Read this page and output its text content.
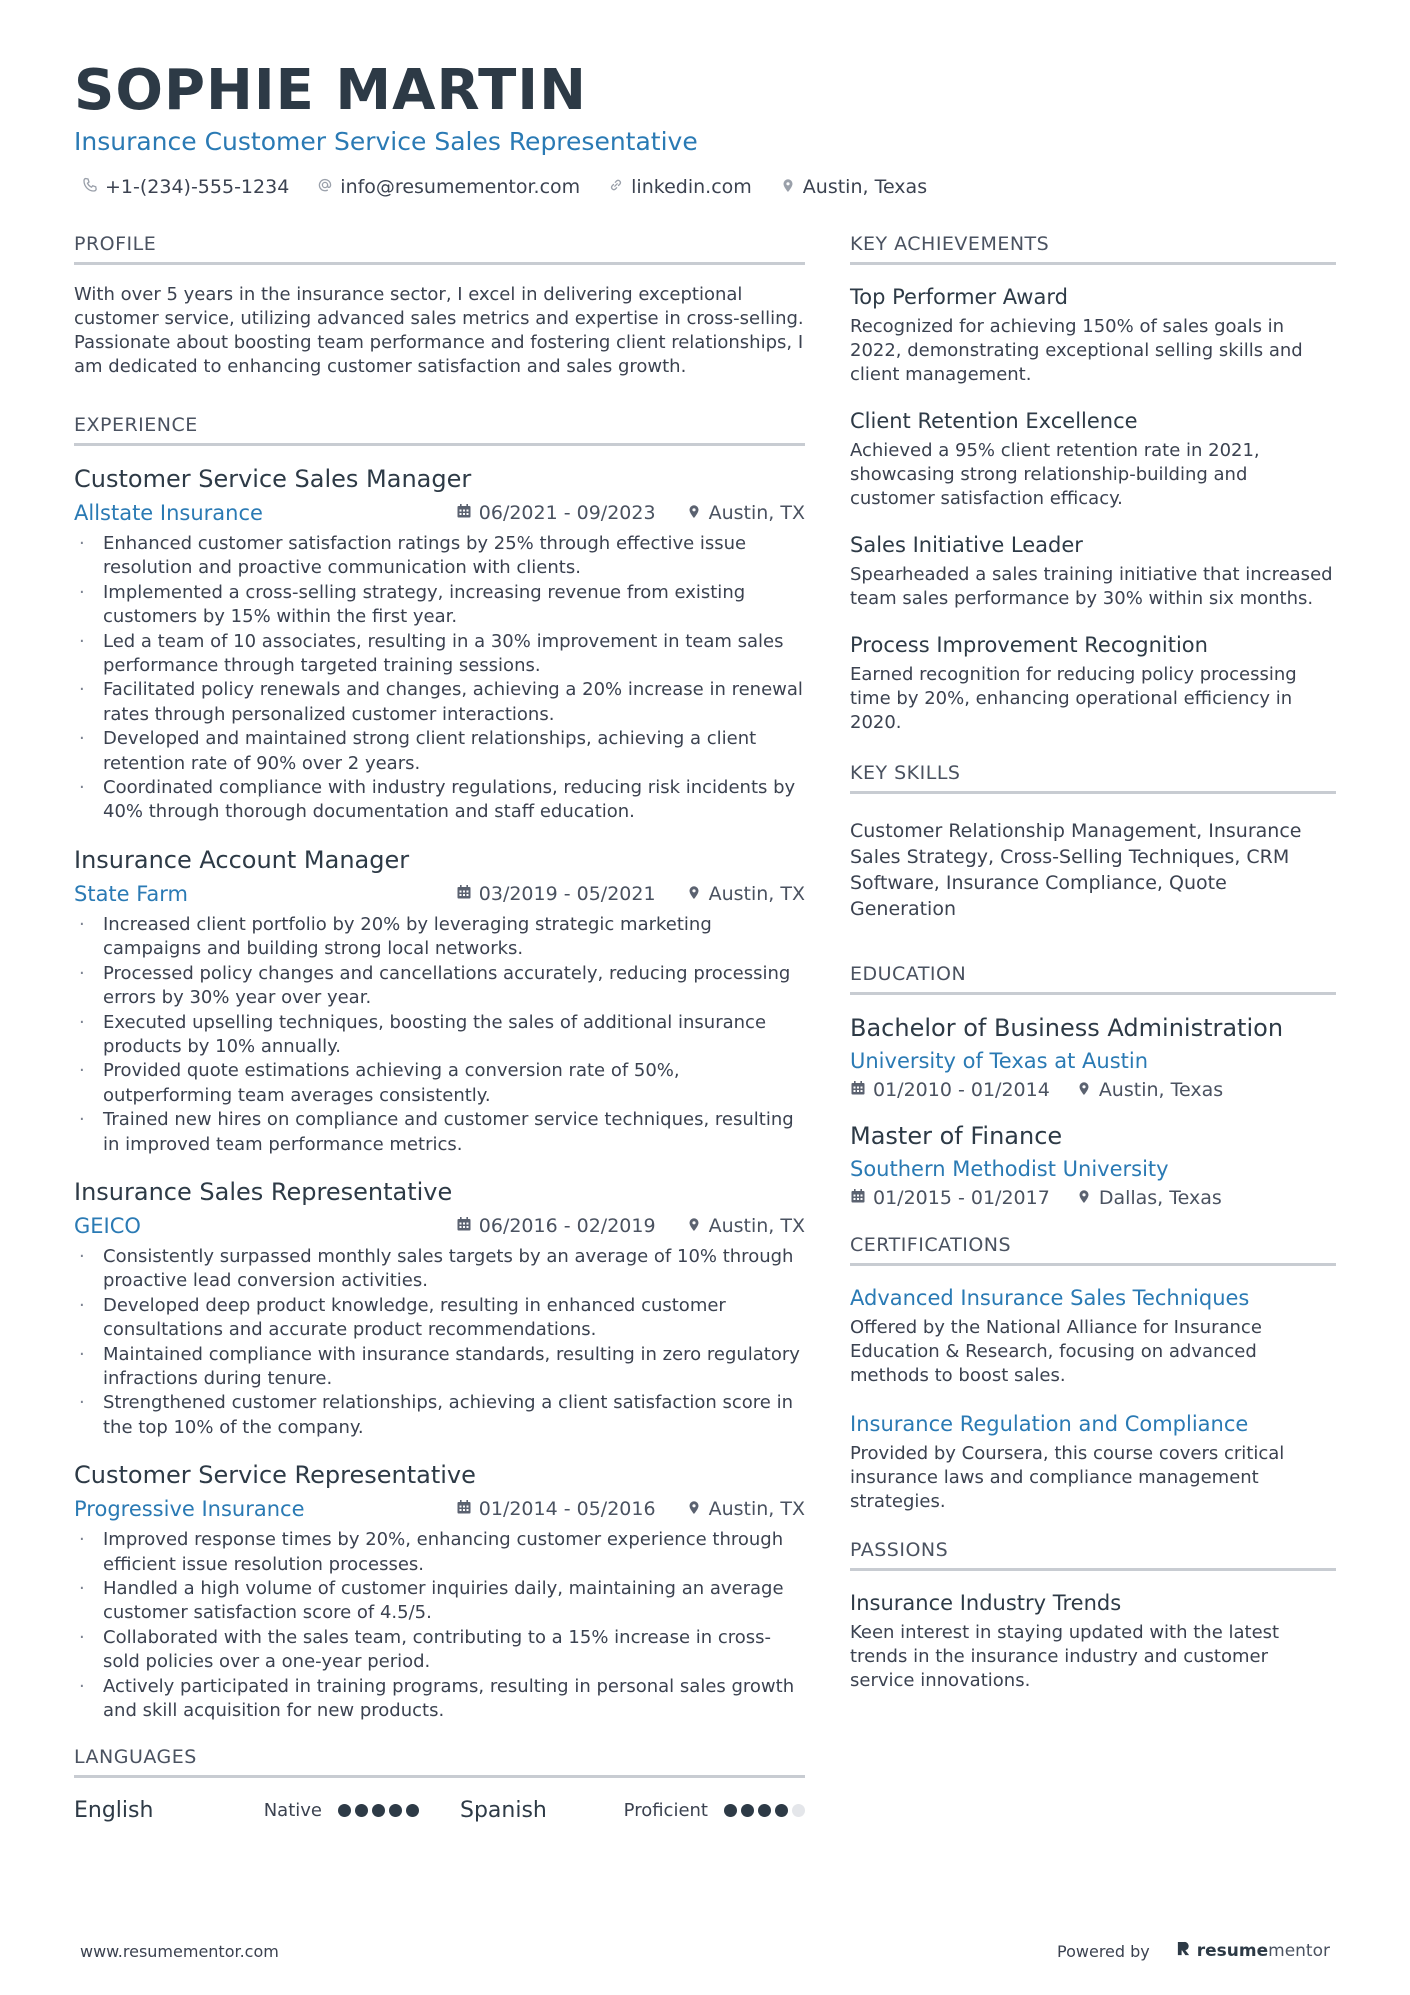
SOPHIE MARTIN
Insurance Customer Service Sales Representative
+1-(234)-555-1234	info@resumementor.com	linkedin.com	Austin, Texas
PROFILE
With over 5 years in the insurance sector, I excel in delivering exceptional customer service, utilizing advanced sales metrics and expertise in cross-selling. Passionate about boosting team performance and fostering client relationships, I am dedicated to enhancing customer satisfaction and sales growth.
EXPERIENCE
Customer Service Sales Manager
Allstate Insurance	06/2021 - 09/2023	Austin, TX
· Enhanced customer satisfaction ratings by 25% through effective issue resolution and proactive communication with clients.
· Implemented a cross-selling strategy, increasing revenue from existing customers by 15% within the first year.
· Led a team of 10 associates, resulting in a 30% improvement in team sales performance through targeted training sessions.
· Facilitated policy renewals and changes, achieving a 20% increase in renewal rates through personalized customer interactions.
· Developed and maintained strong client relationships, achieving a client retention rate of 90% over 2 years.
· Coordinated compliance with industry regulations, reducing risk incidents by 40% through thorough documentation and staff education.
Insurance Account Manager
State Farm	03/2019 - 05/2021	Austin, TX
· Increased client portfolio by 20% by leveraging strategic marketing campaigns and building strong local networks.
· Processed policy changes and cancellations accurately, reducing processing errors by 30% year over year.
· Executed upselling techniques, boosting the sales of additional insurance products by 10% annually.
· Provided quote estimations achieving a conversion rate of 50%, outperforming team averages consistently.
· Trained new hires on compliance and customer service techniques, resulting in improved team performance metrics.
Insurance Sales Representative
GEICO	06/2016 - 02/2019	Austin, TX
· Consistently surpassed monthly sales targets by an average of 10% through proactive lead conversion activities.
· Developed deep product knowledge, resulting in enhanced customer consultations and accurate product recommendations.
· Maintained compliance with insurance standards, resulting in zero regulatory infractions during tenure.
· Strengthened customer relationships, achieving a client satisfaction score in the top 10% of the company.
Customer Service Representative
Progressive Insurance	01/2014 - 05/2016	Austin, TX
· Improved response times by 20%, enhancing customer experience through efficient issue resolution processes.
· Handled a high volume of customer inquiries daily, maintaining an average customer satisfaction score of 4.5/5.
· Collaborated with the sales team, contributing to a 15% increase in cross-sold policies over a one-year period.
· Actively participated in training programs, resulting in personal sales growth and skill acquisition for new products.
LANGUAGES
English	Native	Spanish	Proficient
KEY ACHIEVEMENTS
Top Performer Award
Recognized for achieving 150% of sales goals in 2022, demonstrating exceptional selling skills and client management.
Client Retention Excellence
Achieved a 95% client retention rate in 2021, showcasing strong relationship-building and customer satisfaction efficacy.
Sales Initiative Leader
Spearheaded a sales training initiative that increased team sales performance by 30% within six months.
Process Improvement Recognition
Earned recognition for reducing policy processing time by 20%, enhancing operational efficiency in 2020.
KEY SKILLS
Customer Relationship Management, Insurance Sales Strategy, Cross-Selling Techniques, CRM Software, Insurance Compliance, Quote Generation
EDUCATION
Bachelor of Business Administration
University of Texas at Austin
01/2010 - 01/2014	Austin, Texas
Master of Finance
Southern Methodist University
01/2015 - 01/2017	Dallas, Texas
CERTIFICATIONS
Advanced Insurance Sales Techniques
Offered by the National Alliance for Insurance Education & Research, focusing on advanced methods to boost sales.
Insurance Regulation and Compliance
Provided by Coursera, this course covers critical insurance laws and compliance management strategies.
PASSIONS
Insurance Industry Trends
Keen interest in staying updated with the latest trends in the insurance industry and customer service innovations.
www.resumementor.com	Powered by	resumementor
